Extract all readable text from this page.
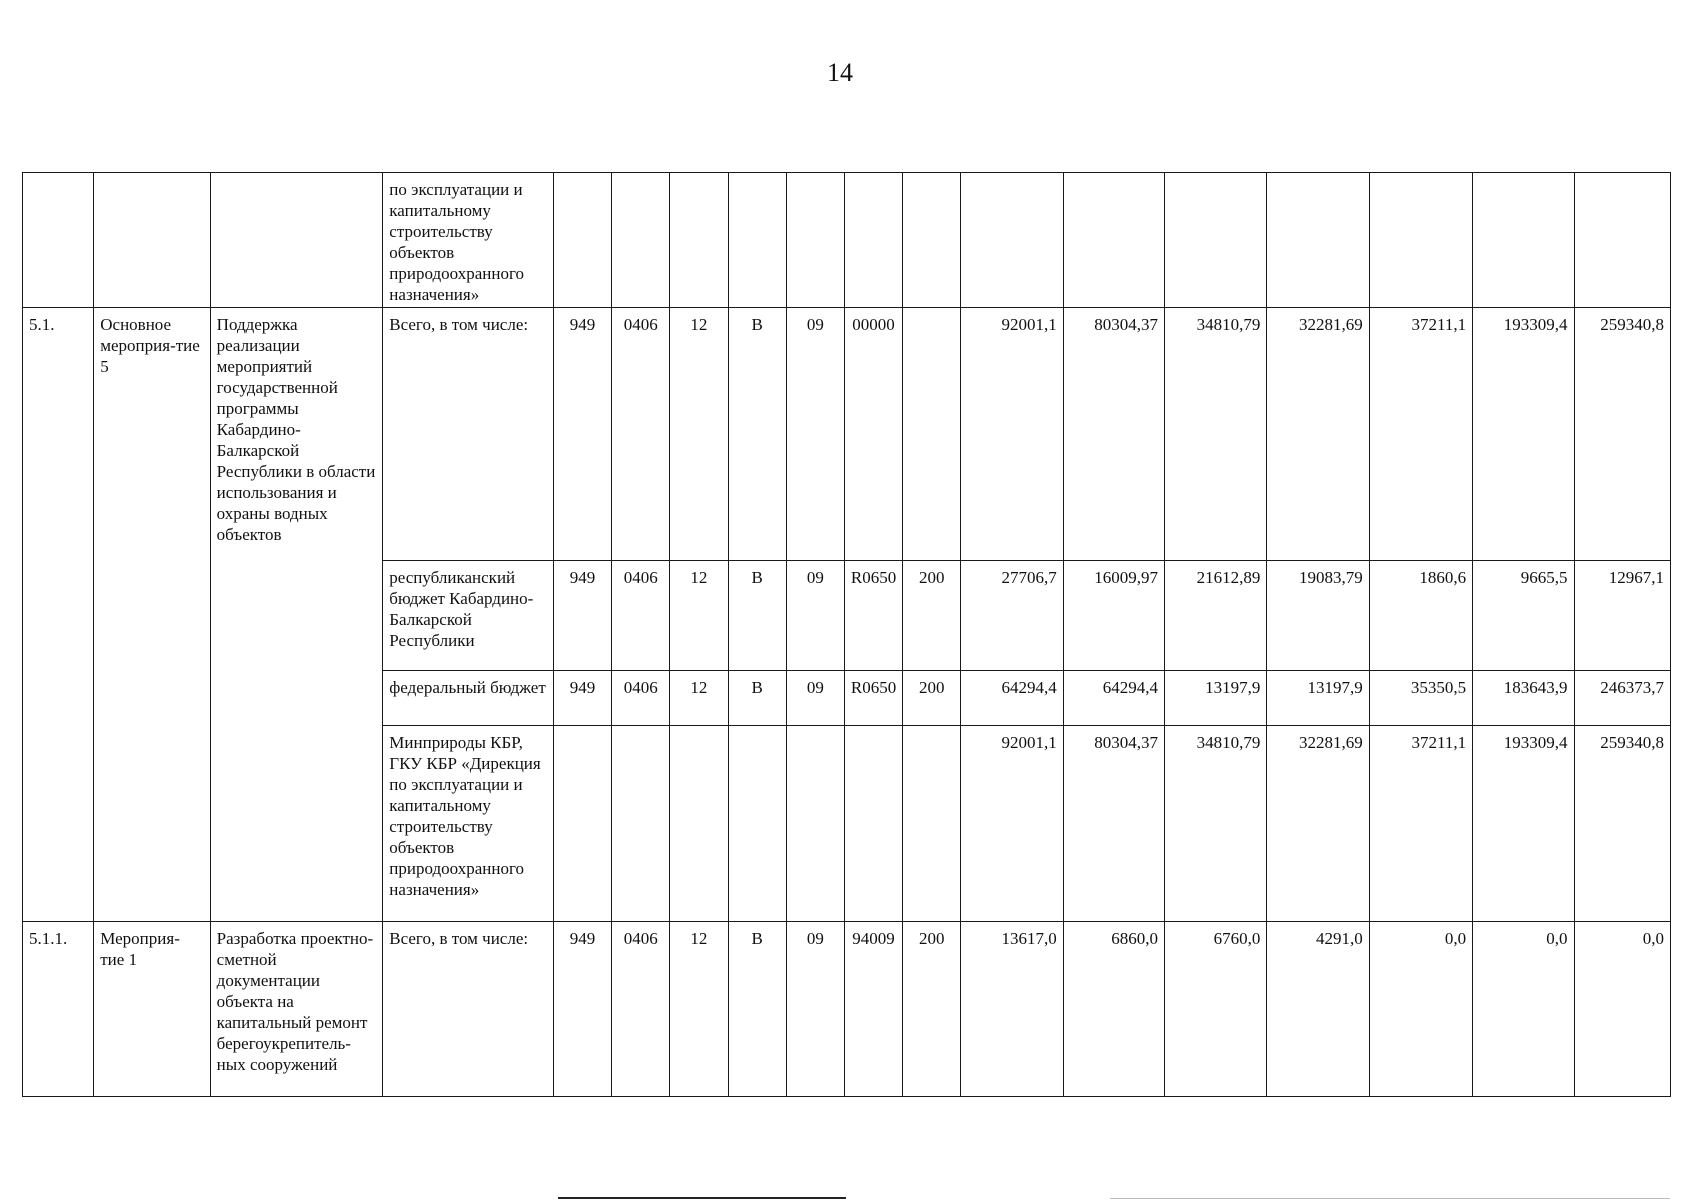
14
			по эксплуатации и капитальному строительству объектов природоохранного назначения»														
5.1.	Основное мероприя-тие 5	Поддержка реализации мероприятий государственной программы Кабардино-Балкарской Республики в области использования и охраны водных объектов	Всего, в том числе:	949	0406	12	В	09	00000		92001,1	80304,37	34810,79	32281,69	37211,1	193309,4	259340,8
			республиканский бюджет Кабардино-Балкарской Республики	949	0406	12	В	09	R0650	200	27706,7	16009,97	21612,89	19083,79	1860,6	9665,5	12967,1
			федеральный бюджет	949	0406	12	В	09	R0650	200	64294,4	64294,4	13197,9	13197,9	35350,5	183643,9	246373,7
			Минприроды КБР, ГКУ КБР «Дирекция по эксплуатации и капитальному строительству объектов природоохранного назначения»								92001,1	80304,37	34810,79	32281,69	37211,1	193309,4	259340,8
5.1.1.	Мероприя-тие 1	Разработка проектно-сметной документации объекта на капитальный ремонт берегоукрепитель-ных сооружений	Всего, в том числе:	949	0406	12	В	09	94009	200	13617,0	6860,0	6760,0	4291,0	0,0	0,0	0,0
